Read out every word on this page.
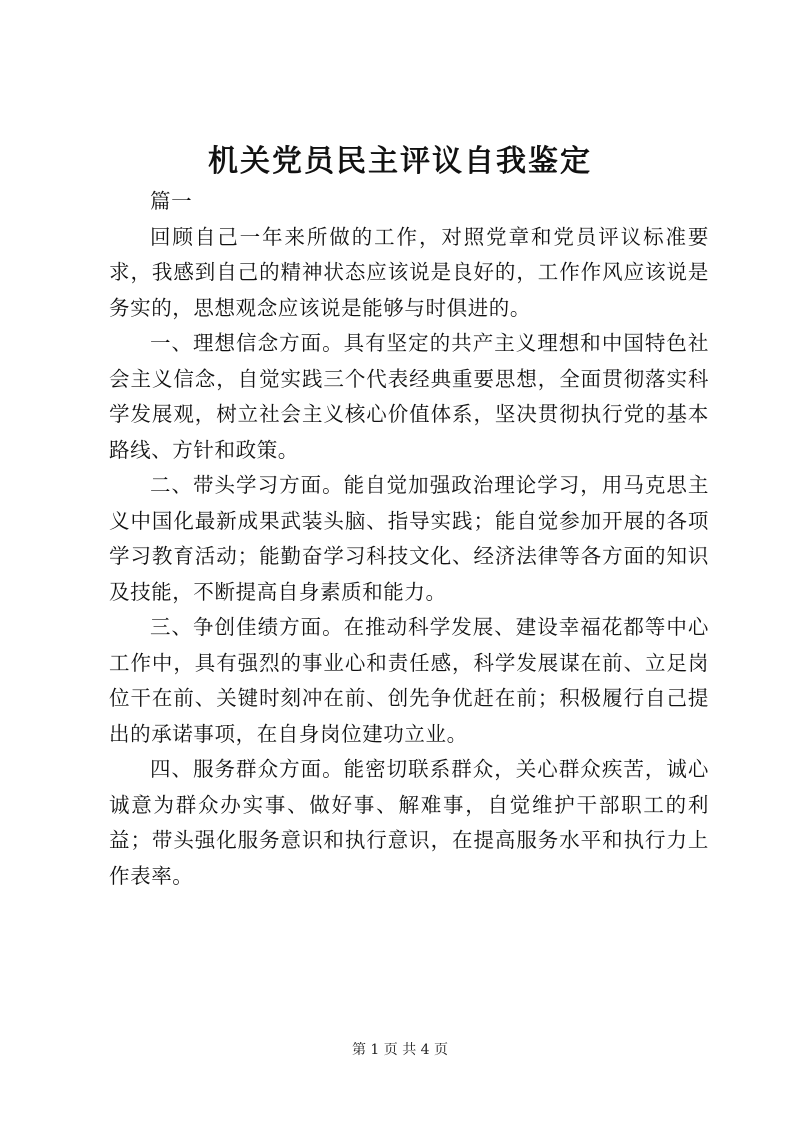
机关党员民主评议自我鉴定

篇一

回顾自己一年来所做的工作，对照党章和党员评议标准要求，我感到自己的精神状态应该说是良好的，工作作风应该说是务实的，思想观念应该说是能够与时俱进的。

一、理想信念方面。具有坚定的共产主义理想和中国特色社会主义信念，自觉实践三个代表经典重要思想，全面贯彻落实科学发展观，树立社会主义核心价值体系，坚决贯彻执行党的基本路线、方针和政策。

二、带头学习方面。能自觉加强政治理论学习，用马克思主义中国化最新成果武装头脑、指导实践；能自觉参加开展的各项学习教育活动；能勤奋学习科技文化、经济法律等各方面的知识及技能，不断提高自身素质和能力。

三、争创佳绩方面。在推动科学发展、建设幸福花都等中心工作中，具有强烈的事业心和责任感，科学发展谋在前、立足岗位干在前、关键时刻冲在前、创先争优赶在前；积极履行自己提出的承诺事项，在自身岗位建功立业。

四、服务群众方面。能密切联系群众，关心群众疾苦，诚心诚意为群众办实事、做好事、解难事，自觉维护干部职工的利益；带头强化服务意识和执行意识，在提高服务水平和执行力上作表率。

第 1 页 共 4 页
